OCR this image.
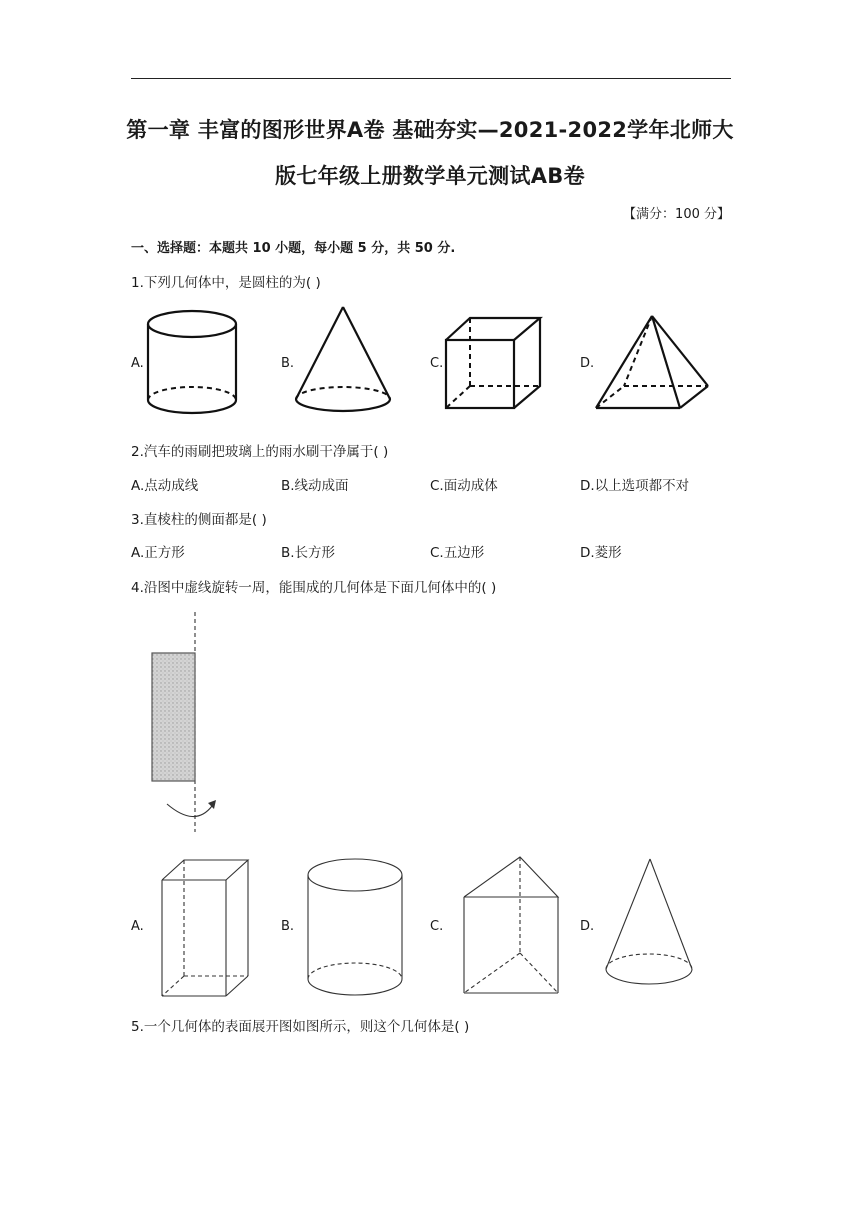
第一章 丰富的图形世界A卷 基础夯实—2021-2022学年北师大
版七年级上册数学单元测试AB卷
【满分：100 分】
一、选择题：本题共 10 小题，每小题 5 分，共 50 分.
1.下列几何体中，是圆柱的为( )
A.	B.	C.	D.
2.汽车的雨刷把玻璃上的雨水刷干净属于( )
A.点动成线	B.线动成面	C.面动成体	D.以上选项都不对
3.直棱柱的侧面都是( )
A.正方形	B.长方形	C.五边形	D.菱形
4.沿图中虚线旋转一周，能围成的几何体是下面几何体中的( )
A.	B.	C.	D.
5.一个几何体的表面展开图如图所示，则这个几何体是( )
